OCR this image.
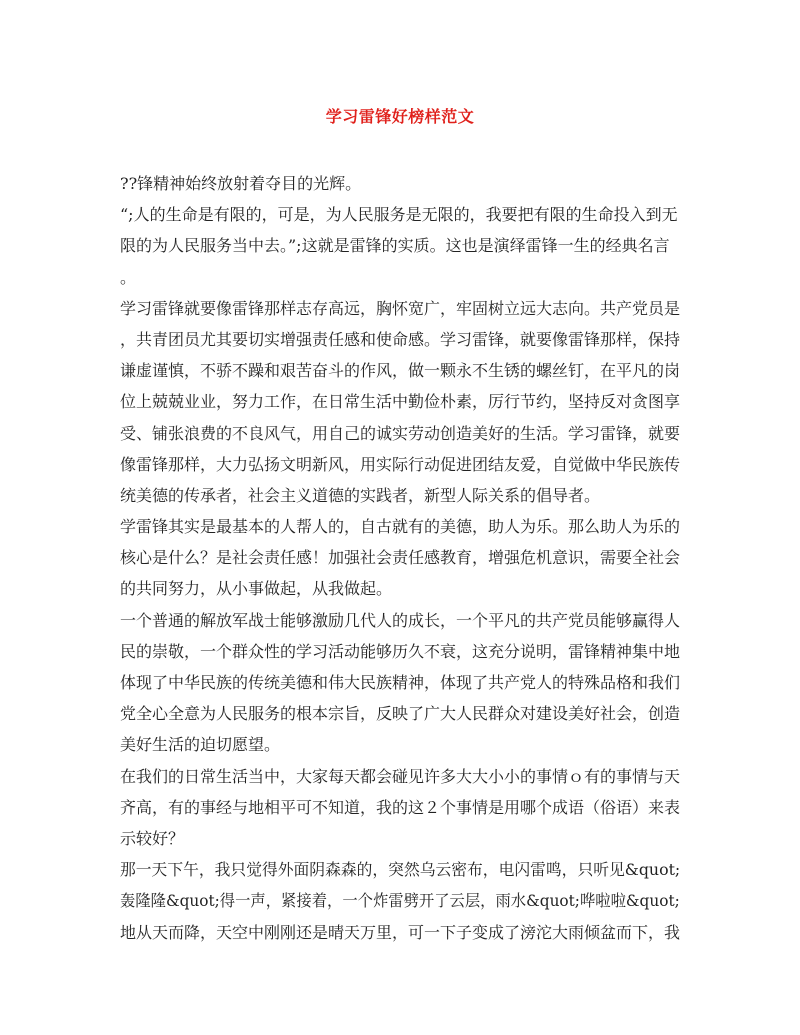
学习雷锋好榜样范文
??锋精神始终放射着夺目的光辉。
“;人的生命是有限的，可是，为人民服务是无限的，我要把有限的生命投入到无
限的为人民服务当中去。”;这就是雷锋的实质。这也是演绎雷锋一生的经典名言
。
学习雷锋就要像雷锋那样志存高远，胸怀宽广，牢固树立远大志向。共产党员是
，共青团员尤其要切实增强责任感和使命感。学习雷锋，就要像雷锋那样，保持
谦虚谨慎，不骄不躁和艰苦奋斗的作风，做一颗永不生锈的螺丝钉，在平凡的岗
位上兢兢业业，努力工作，在日常生活中勤俭朴素，厉行节约，坚持反对贪图享
受、铺张浪费的不良风气，用自己的诚实劳动创造美好的生活。学习雷锋，就要
像雷锋那样，大力弘扬文明新风，用实际行动促进团结友爱，自觉做中华民族传
统美德的传承者，社会主义道德的实践者，新型人际关系的倡导者。
学雷锋其实是最基本的人帮人的，自古就有的美德，助人为乐。那么助人为乐的
核心是什么？是社会责任感！加强社会责任感教育，增强危机意识，需要全社会
的共同努力，从小事做起，从我做起。
一个普通的解放军战士能够激励几代人的成长，一个平凡的共产党员能够赢得人
民的崇敬，一个群众性的学习活动能够历久不衰，这充分说明，雷锋精神集中地
体现了中华民族的传统美德和伟大民族精神，体现了共产党人的特殊品格和我们
党全心全意为人民服务的根本宗旨，反映了广大人民群众对建设美好社会，创造
美好生活的迫切愿望。
在我们的日常生活当中，大家每天都会碰见许多大大小小的事情ｏ有的事情与天
齐高，有的事经与地相平可不知道，我的这２个事情是用哪个成语（俗语）来表
示较好？
那一天下午，我只觉得外面阴森森的，突然乌云密布，电闪雷鸣，只听见&quot;
轰隆隆&quot;得一声，紧接着，一个炸雷劈开了云层，雨水&quot;哗啦啦&quot;
地从天而降，天空中刚刚还是晴天万里，可一下子变成了滂沱大雨倾盆而下，我
